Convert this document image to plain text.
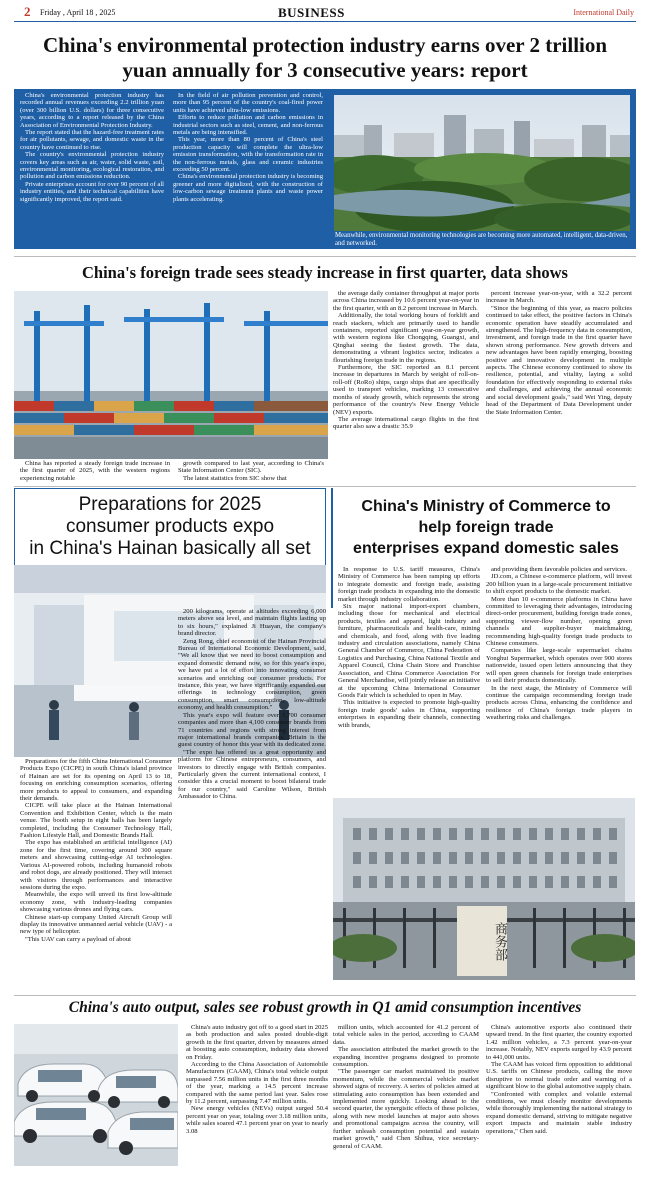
2 Friday , April 18 , 2025	BUSINESS	International Daily
China's environmental protection industry earns over 2 trillion
yuan annually for 3 consecutive years: report

China's environmental protection industry has recorded annual revenues exceeding 2.2 trillion yuan (over 300 billion U.S. dollars) for three consecutive years, according to a report released by the China Association of Environmental Protection Industry.

The report stated that the hazard-free treatment rates for air pollutants, sewage, and domestic waste in the country have continued to rise.

The country's environmental protection industry covers key areas such as air, water, solid waste, soil, environmental monitoring, ecological restoration, and pollution and carbon emissions reduction.

Private enterprises account for over 90 percent of all industry entities, and their technical capabilities have significantly improved, the report said.

In the field of air pollution prevention and control, more than 95 percent of the country's coal-fired power units have achieved ultra-low emissions.

Efforts to reduce pollution and carbon emissions in industrial sectors such as steel, cement, and non-ferrous metals are being intensified.

This year, more than 80 percent of China's steel production capacity will complete the ultra-low emission transformation, with the transformation rate in the non-ferrous metals, glass and ceramic industries exceeding 50 percent.

China's environmental protection industry is becoming greener and more digitalized, with the construction of low-carbon sewage treatment plants and waste power plants accelerating.

Meanwhile, environmental monitoring technologies are becoming more automated, intelligent, data-driven, and networked.
China's foreign trade sees steady increase in first quarter, data shows

China has reported a steady foreign trade increase in the first quarter of 2025, with the western regions experiencing notable

growth compared to last year, according to China's State Information Center (SIC).

The latest statistics from SIC show that

the average daily container throughput at major ports across China increased by 10.6 percent year-on-year in the first quarter, with an 8.2 percent increase in March.

Additionally, the total working hours of forklift and reach stackers, which are primarily used to handle containers, reported significant year-on-year growth, with western regions like Chongqing, Guangxi, and Qinghai seeing the fastest growth. The data, demonstrating a vibrant logistics sector, indicates a flourishing foreign trade in the regions.

Furthermore, the SIC reported an 8.1 percent increase in departures in March by weight of roll-on-roll-off (RoRo) ships, cargo ships that are specifically used to transport vehicles, marking 13 consecutive months of steady growth, which represents the strong performance of the country's New Energy Vehicle (NEV) exports.

The average international cargo flights in the first quarter also saw a drastic 35.9

percent increase year-on-year, with a 32.2 percent increase in March.

"Since the beginning of this year, as macro policies continued to take effect, the positive factors in China's economic operation have steadily accumulated and strengthened. The high-frequency data in consumption, investment, and foreign trade in the first quarter have shown strong performance. New growth drivers and new advantages have been rapidly emerging, boosting positive and innovative development in multiple aspects. The Chinese economy continued to show its resilience, potential, and vitality, laying a solid foundation for effectively responding to external risks and challenges, and achieving the annual economic and social development goals," said Wei Ying, deputy head of the Department of Data Development under the State Information Center.

Preparations for 2025
consumer products expo
in China's Hainan basically all set

Preparations for the fifth China International Consumer Products Expo (CICPE) in south China's island province of Hainan are set for its opening on April 13 to 18, focusing on enriching consumption scenarios, offering more products to appeal to consumers, and expanding their demands.

CICPE will take place at the Hainan International Convention and Exhibition Center, which is the main venue. The booth setup in eight halls has been largely completed, including the Consumer Technology Hall, Fashion Lifestyle Hall, and Domestic Brands Hall.

The expo has established an artificial intelligence (AI) zone for the first time, covering around 300 square meters and showcasing cutting-edge AI technologies. Various AI-powered robots, including humanoid robots and robot dogs, are already positioned. They will interact with visitors through performances and interactive sessions during the expo.

Meanwhile, the expo will unveil its first low-altitude economy zone, with industry-leading companies showcasing various drones and flying cars.

Chinese start-up company United Aircraft Group will display its innovative unmanned aerial vehicle (UAV) - a new type of helicopter.

"This UAV can carry a payload of about

200 kilograms, operate at altitudes exceeding 6,000 meters above sea level, and maintain flights lasting up to six hours," explained Ji Huayan, the company's brand director.

Zeng Rong, chief economist of the Hainan Provincial Bureau of International Economic Development, said, "We all know that we need to boost consumption and expand domestic demand now, so for this year's expo, we have put a lot of effort into innovating consumer scenarios and enriching our consumer products. For instance, this year, we have significantly expanded our offerings in technology consumption, green consumption, smart consumption, low-altitude economy, and health consumption."

This year's expo will feature over 1,700 consumer companies and more than 4,100 consumer brands from 71 countries and regions with strong interest from major international brands companies. Britain is the guest country of honor this year with its dedicated zone.

"The expo has offered us a great opportunity and platform for Chinese entrepreneurs, consumers, and investors to directly engage with British companies. Particularly given the current international context, I consider this a crucial moment to boost bilateral trade for our country," said Caroline Wilson, British Ambassador to China.

China's Ministry of Commerce to
help foreign trade
enterprises expand domestic sales

In response to U.S. tariff measures, China's Ministry of Commerce has been ramping up efforts to integrate domestic and foreign trade, assisting foreign trade products in expanding into the domestic market through industry collaboration.

Six major national import-export chambers, including those for mechanical and electrical products, textiles and apparel, light industry and furniture, pharmaceuticals and health-care, mining and chemicals, and food, along with five leading industry and circulation associations, namely China General Chamber of Commerce, China Federation of Logistics and Purchasing, China National Textile and Apparel Council, China Chain Store and Franchise Association, and China Commerce Association For General Merchandise, will jointly release an initiative at the upcoming China International Consumer Goods Fair which is scheduled to open in May.

This initiative is expected to promote high-quality foreign trade goods' sales in China, supporting enterprises in expanding their channels, connecting with brands,

and providing them favorable policies and services.

JD.com, a Chinese e-commerce platform, will invest 200 billion yuan in a large-scale procurement initiative to shift export products to the domestic market.

More than 10 e-commerce platforms in China have committed to leveraging their advantages, introducing direct-order procurement, building foreign trade zones, supporting viewer-flow number, opening green channels and supplier-buyer matchmaking, recommending high-quality foreign trade products to Chinese consumers.

Companies like large-scale supermarket chains Yonghui Supermarket, which operates over 900 stores nationwide, issued open letters announcing that they will open green channels for foreign trade enterprises to sell their products domestically.

In the next stage, the Ministry of Commerce will continue the campaign recommending foreign trade products across China, enhancing the confidence and resilience of China's foreign trade players in weathering risks and challenges.

商务部
China's auto output, sales see robust growth in Q1 amid consumption incentives

China's auto industry got off to a good start in 2025 as both production and sales posted double-digit growth in the first quarter, driven by measures aimed at boosting auto consumption, industry data showed on Friday.

According to the China Association of Automobile Manufacturers (CAAM), China's total vehicle output surpassed 7.56 million units in the first three months of the year, marking a 14.5 percent increase compared with the same period last year. Sales rose by 11.2 percent, surpassing 7.47 million units.

New energy vehicles (NEVs) output surged 50.4 percent year on year, totaling over 3.18 million units, while sales soared 47.1 percent year on year to nearly 3.08

million units, which accounted for 41.2 percent of total vehicle sales in the period, according to CAAM data.

The association attributed the market growth to the expanding incentive programs designed to promote consumption.

"The passenger car market maintained its positive momentum, while the commercial vehicle market showed signs of recovery. A series of policies aimed at stimulating auto consumption has been extended and implemented more quickly. Looking ahead to the second quarter, the synergistic effects of these policies, along with new model launches at major auto shows and promotional campaigns across the country, will further unleash consumption potential and sustain market growth," said Chen Shihua, vice secretary-general of CAAM.

China's automotive exports also continued their upward trend. In the first quarter, the country exported 1.42 million vehicles, a 7.3 percent year-on-year increase. Notably, NEV exports surged by 43.9 percent to 441,000 units.

The CAAM has voiced firm opposition to additional U.S. tariffs on Chinese products, calling the move disruptive to normal trade order and warning of a significant blow to the global automotive supply chain.

"Confronted with complex and volatile external conditions, we must closely monitor developments while thoroughly implementing the national strategy to expand domestic demand, striving to mitigate negative export impacts and maintain stable industry operations," Chen said.
